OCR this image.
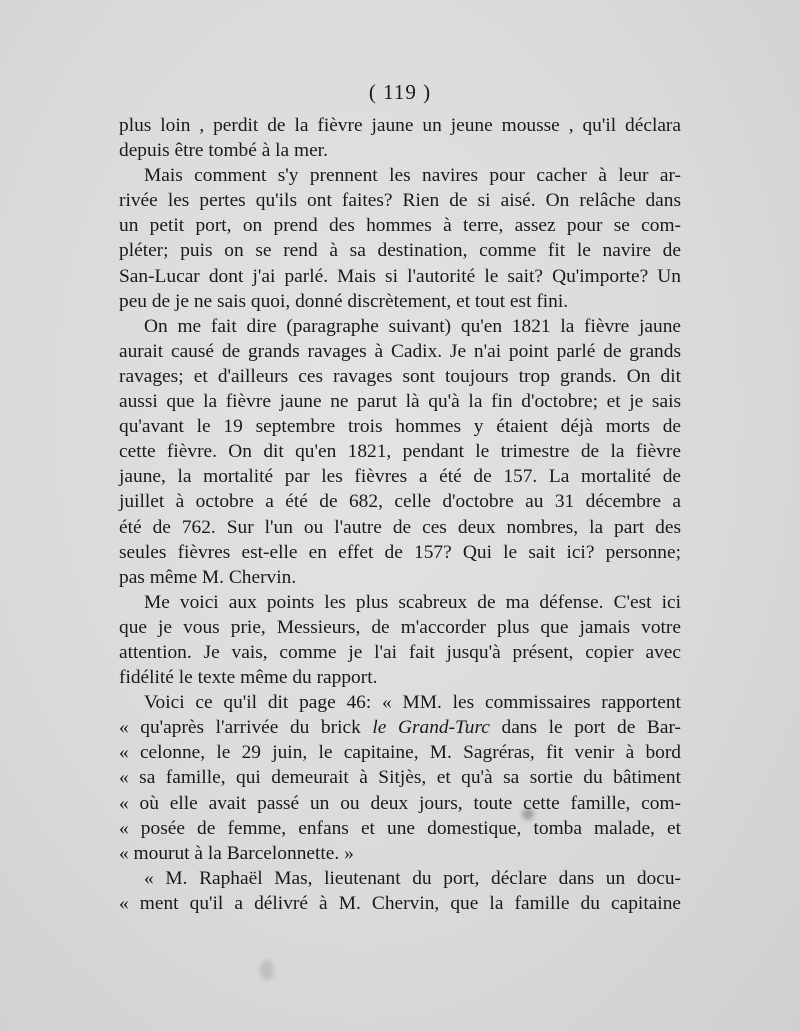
( 119 )
plus loin , perdit de la fièvre jaune un jeune mousse , qu'il déclara
depuis être tombé à la mer.
Mais comment s'y prennent les navires pour cacher à leur ar-
rivée les pertes qu'ils ont faites? Rien de si aisé. On relâche dans
un petit port, on prend des hommes à terre, assez pour se com-
pléter; puis on se rend à sa destination, comme fit le navire de
San-Lucar dont j'ai parlé. Mais si l'autorité le sait? Qu'importe? Un
peu de je ne sais quoi, donné discrètement, et tout est fini.
On me fait dire (paragraphe suivant) qu'en 1821 la fièvre jaune
aurait causé de grands ravages à Cadix. Je n'ai point parlé de grands
ravages; et d'ailleurs ces ravages sont toujours trop grands. On dit
aussi que la fièvre jaune ne parut là qu'à la fin d'octobre; et je sais
qu'avant le 19 septembre trois hommes y étaient déjà morts de
cette fièvre. On dit qu'en 1821, pendant le trimestre de la fièvre
jaune, la mortalité par les fièvres a été de 157. La mortalité de
juillet à octobre a été de 682, celle d'octobre au 31 décembre a
été de 762. Sur l'un ou l'autre de ces deux nombres, la part des
seules fièvres est-elle en effet de 157? Qui le sait ici? personne;
pas même M. Chervin.
Me voici aux points les plus scabreux de ma défense. C'est ici
que je vous prie, Messieurs, de m'accorder plus que jamais votre
attention. Je vais, comme je l'ai fait jusqu'à présent, copier avec
fidélité le texte même du rapport.
Voici ce qu'il dit page 46: « MM. les commissaires rapportent
« qu'après l'arrivée du brick le Grand-Turc dans le port de Bar-
« celonne, le 29 juin, le capitaine, M. Sagréras, fit venir à bord
« sa famille, qui demeurait à Sitjès, et qu'à sa sortie du bâtiment
« où elle avait passé un ou deux jours, toute cette famille, com-
« posée de femme, enfans et une domestique, tomba malade, et
« mourut à la Barcelonnette. »
« M. Raphaël Mas, lieutenant du port, déclare dans un docu-
« ment qu'il a délivré à M. Chervin, que la famille du capitaine
